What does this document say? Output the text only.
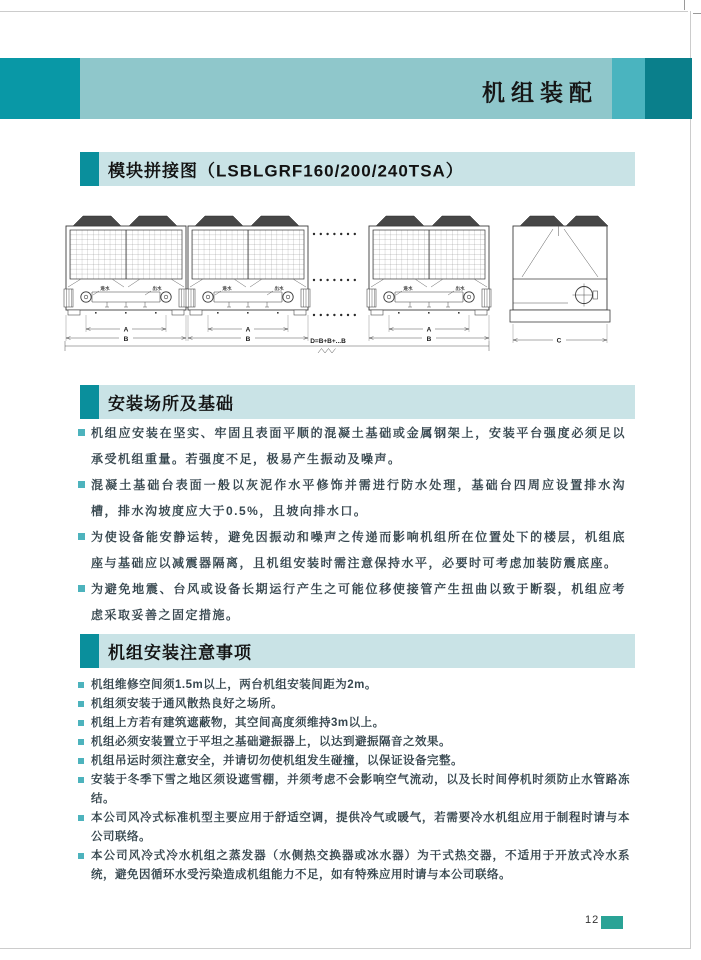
机组装配
模块拼接图（LSBLGRF160/200/240TSA）
A
B
C
D=B+B+...B
安装场所及基础
机组应安装在坚实、牢固且表面平顺的混凝土基础或金属钢架上，安装平台强度必须足以承受机组重量。若强度不足，极易产生振动及噪声。
混凝土基础台表面一般以灰泥作水平修饰并需进行防水处理，基础台四周应设置排水沟槽，排水沟坡度应大于0.5%，且坡向排水口。
为使设备能安静运转，避免因振动和噪声之传递而影响机组所在位置处下的楼层，机组底座与基础应以减震器隔离，且机组安装时需注意保持水平，必要时可考虑加装防震底座。
为避免地震、台风或设备长期运行产生之可能位移使接管产生扭曲以致于断裂，机组应考虑采取妥善之固定措施。
机组安装注意事项
机组维修空间须1.5m以上，两台机组安装间距为2m。
机组须安装于通风散热良好之场所。
机组上方若有建筑遮蔽物，其空间高度须维持3m以上。
机组必须安装置立于平坦之基础避振器上，以达到避振隔音之效果。
机组吊运时须注意安全，并请切勿使机组发生碰撞，以保证设备完整。
安装于冬季下雪之地区须设遮雪棚，并须考虑不会影响空气流动，以及长时间停机时须防止水管路冻结。
本公司风冷式标准机型主要应用于舒适空调，提供冷气或暖气，若需要冷水机组应用于制程时请与本公司联络。
本公司风冷式冷水机组之蒸发器（水侧热交换器或冰水器）为干式热交器，不适用于开放式冷水系统，避免因循环水受污染造成机组能力不足，如有特殊应用时请与本公司联络。
12
